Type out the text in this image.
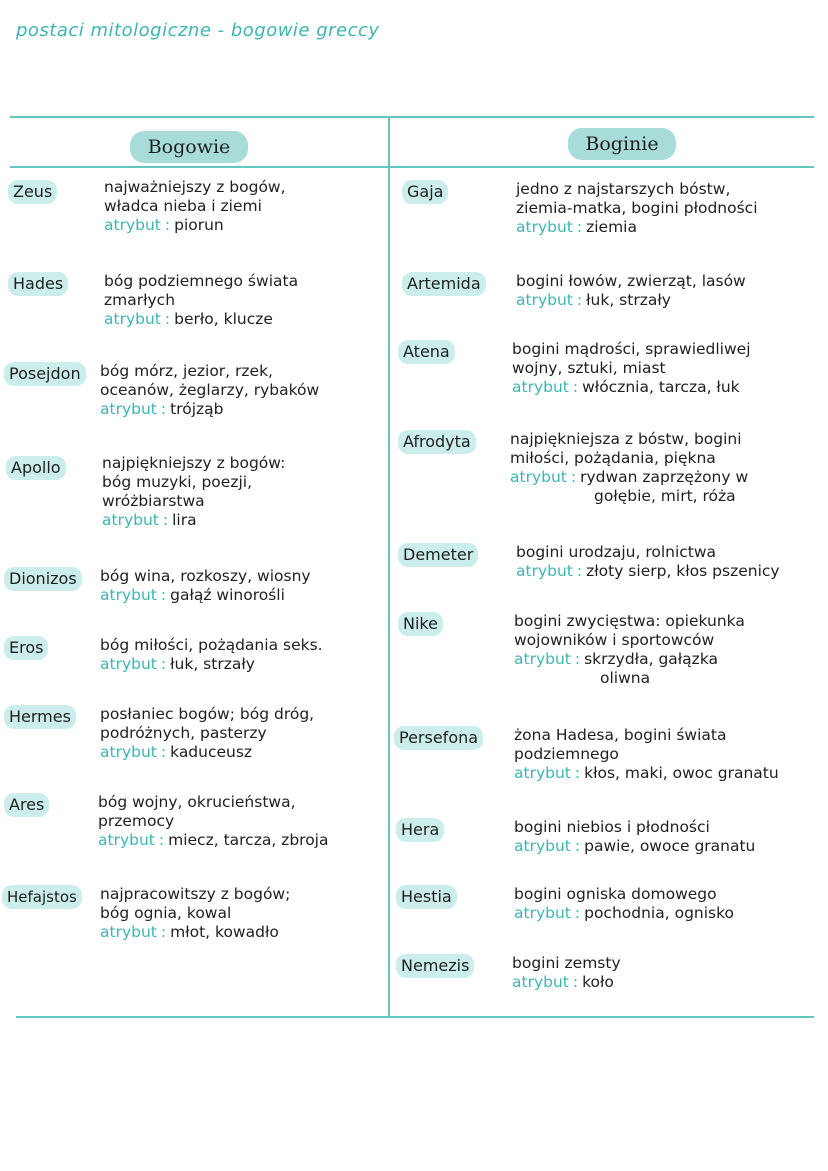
postaci mitologiczne - bogowie greccy
Bogowie	Boginie
Zeus	najważniejszy z bogów,
władca nieba i ziemi
atrybut : piorun
Hades	bóg podziemnego świata
zmarłych
atrybut : berło, klucze
Posejdon	bóg mórz, jezior, rzek,
oceanów, żeglarzy, rybaków
atrybut : trójząb
Apollo	najpiękniejszy z bogów:
bóg muzyki, poezji,
wróżbiarstwa
atrybut : lira
Dionizos	bóg wina, rozkoszy, wiosny
atrybut : gałąź winorośli
Eros	bóg miłości, pożądania seks.
atrybut : łuk, strzały
Hermes	posłaniec bogów; bóg dróg,
podróżnych, pasterzy
atrybut : kaduceusz
Ares	bóg wojny, okrucieństwa,
przemocy
atrybut : miecz, tarcza, zbroja
Hefajstos	najpracowitszy z bogów;
bóg ognia, kowal
atrybut : młot, kowadło
Gaja	jedno z najstarszych bóstw,
ziemia-matka, bogini płodności
atrybut : ziemia
Artemida	bogini łowów, zwierząt, lasów
atrybut : łuk, strzały
Atena	bogini mądrości, sprawiedliwej
wojny, sztuki, miast
atrybut : włócznia, tarcza, łuk
Afrodyta	najpiękniejsza z bóstw, bogini
miłości, pożądania, piękna
atrybut : rydwan zaprzężony w
gołębie, mirt, róża
Demeter	bogini urodzaju, rolnictwa
atrybut : złoty sierp, kłos pszenicy
Nike	bogini zwycięstwa: opiekunka
wojowników i sportowców
atrybut : skrzydła, gałązka
oliwna
Persefona	żona Hadesa, bogini świata
podziemnego
atrybut : kłos, maki, owoc granatu
Hera	bogini niebios i płodności
atrybut : pawie, owoce granatu
Hestia	bogini ogniska domowego
atrybut : pochodnia, ognisko
Nemezis	bogini zemsty
atrybut : koło
